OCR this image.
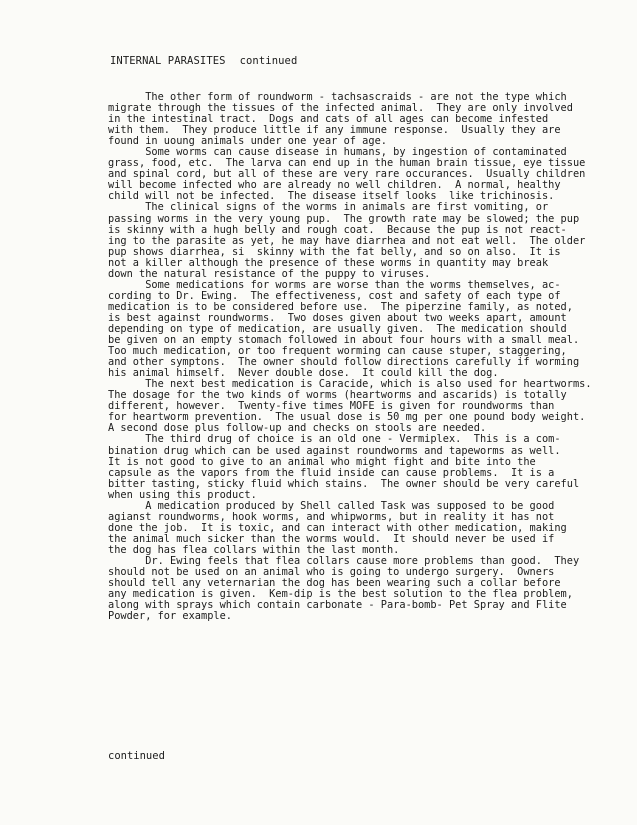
INTERNAL PARASITES continued
The other form of roundworm - tachsascraids - are not the type which
migrate through the tissues of the infected animal.  They are only involved
in the intestinal tract.  Dogs and cats of all ages can become infested
with them.  They produce little if any immune response.  Usually they are
found in uoung animals under one year of age.
Some worms can cause disease in humans, by ingestion of contaminated
grass, food, etc.  The larva can end up in the human brain tissue, eye tissue
and spinal cord, but all of these are very rare occurances.  Usually children
will become infected who are already no well children.  A normal, healthy
child will not be infected.  The disease itself looks  like trichinosis.
The clinical signs of the worms in animals are first vomiting, or
passing worms in the very young pup.  The growth rate may be slowed; the pup
is skinny with a hugh belly and rough coat.  Because the pup is not react-
ing to the parasite as yet, he may have diarrhea and not eat well.  The older
pup shows diarrhea, si  skinny with the fat belly, and so on also.  It is
not a killer although the presence of these worms in quantity may break
down the natural resistance of the puppy to viruses.
Some medications for worms are worse than the worms themselves, ac-
cording to Dr. Ewing.  The effectiveness, cost and safety of each type of
medication is to be considered before use.  The piperzine family, as noted,
is best against roundworms.  Two doses given about two weeks apart, amount
depending on type of medication, are usually given.  The medication should
be given on an empty stomach followed in about four hours with a small meal.
Too much medication, or too frequent worming can cause stuper, staggering,
and other symptons.  The owner should follow directions carefully if worming
his animal himself.  Never double dose.  It could kill the dog.
The next best medication is Caracide, which is also used for heartworms.
The dosage for the two kinds of worms (heartworms and ascarids) is totally
different, however.  Twenty-five times MOFE is given for roundworms than
for heartworm prevention.  The usual dose is 50 mg per one pound body weight.
A second dose plus follow-up and checks on stools are needed.
The third drug of choice is an old one - Vermiplex.  This is a com-
bination drug which can be used against roundworms and tapeworms as well.
It is not good to give to an animal who might fight and bite into the
capsule as the vapors from the fluid inside can cause problems.  It is a
bitter tasting, sticky fluid which stains.  The owner should be very careful
when using this product.
A medication produced by Shell called Task was supposed to be good
agianst roundworms, hook worms, and whipworms, but in reality it has not
done the job.  It is toxic, and can interact with other medication, making
the animal much sicker than the worms would.  It should never be used if
the dog has flea collars within the last month.
Dr. Ewing feels that flea collars cause more problems than good.  They
should not be used on an animal who is going to undergo surgery.  Owners
should tell any veternarian the dog has been wearing such a collar before
any medication is given.  Kem-dip is the best solution to the flea problem,
along with sprays which contain carbonate - Para-bomb- Pet Spray and Flite
Powder, for example.
continued
